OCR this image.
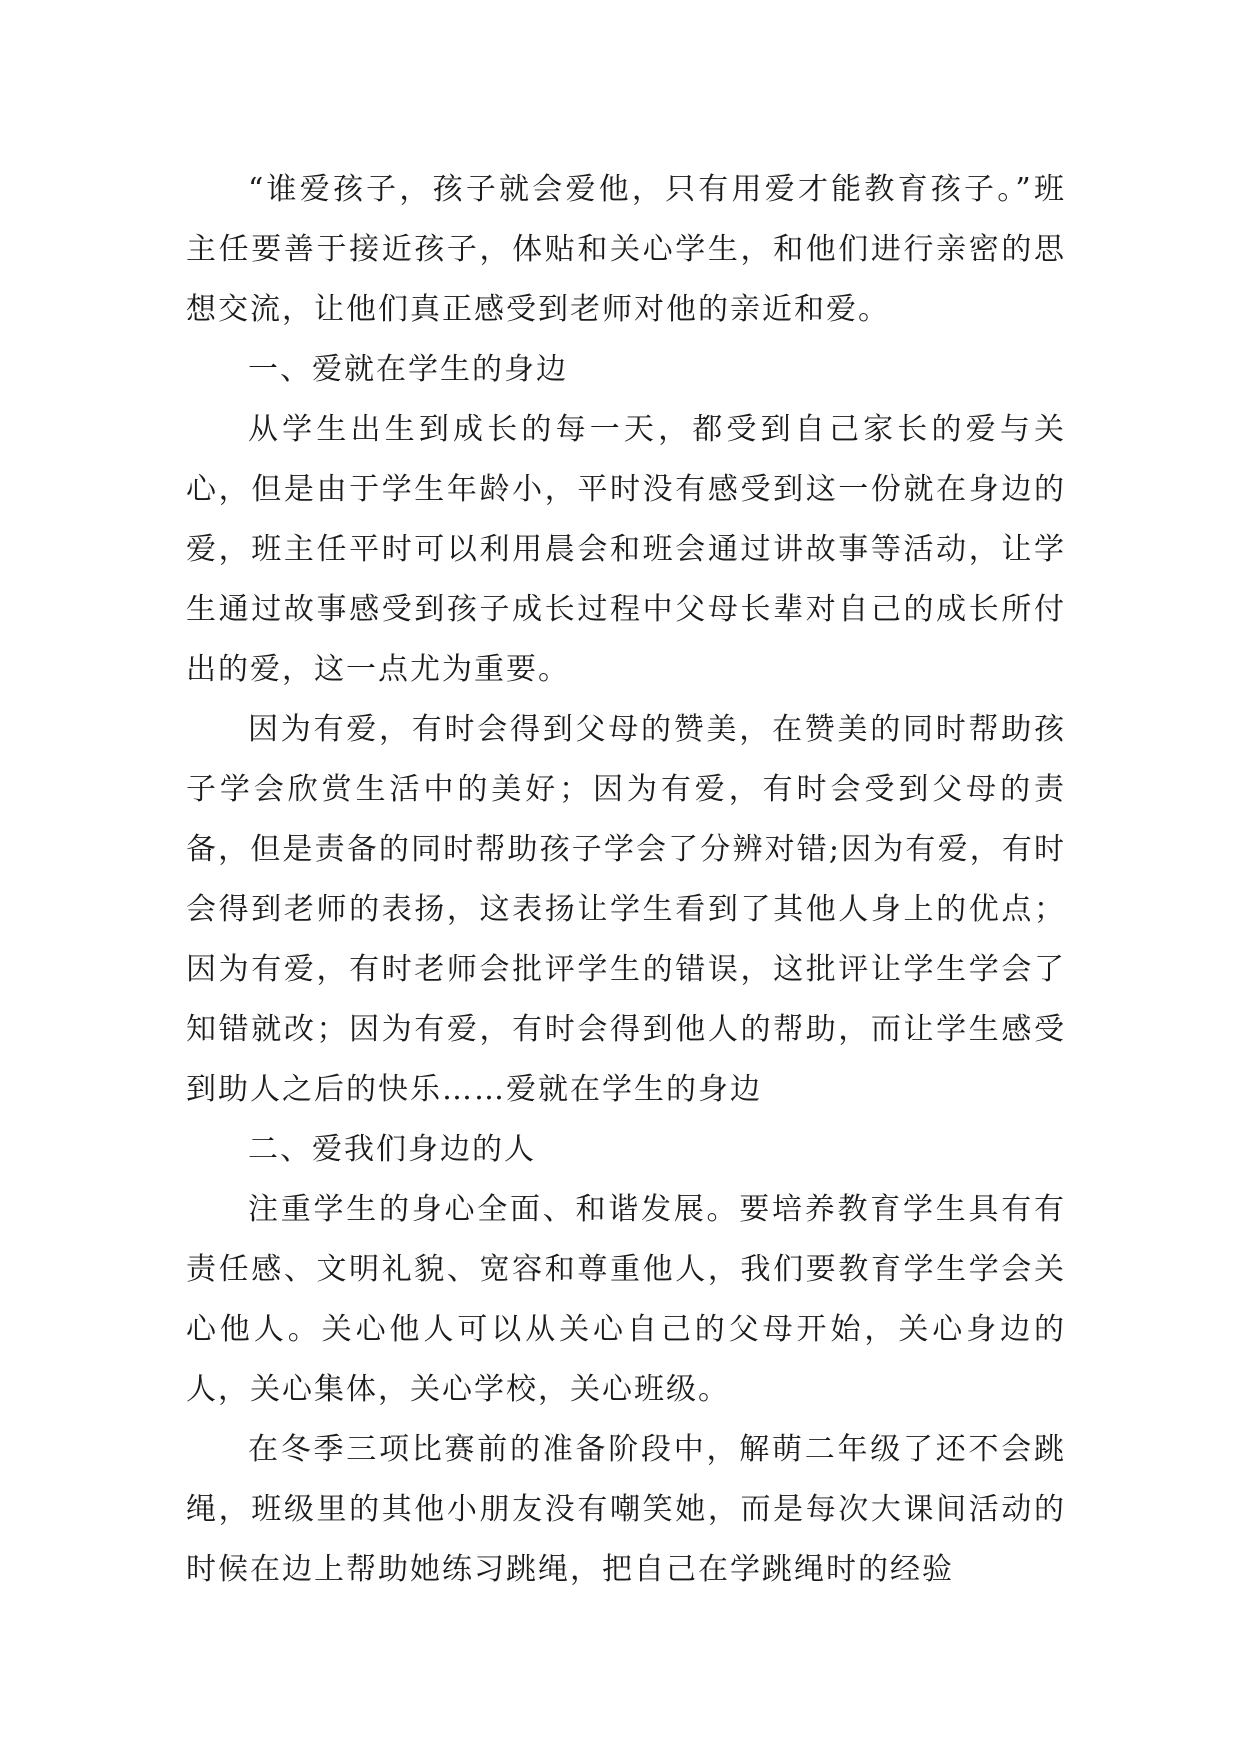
“谁爱孩子，孩子就会爱他，只有用爱才能教育孩子。”班主任要善于接近孩子，体贴和关心学生，和他们进行亲密的思想交流，让他们真正感受到老师对他的亲近和爱。

一、爱就在学生的身边

从学生出生到成长的每一天，都受到自己家长的爱与关心，但是由于学生年龄小，平时没有感受到这一份就在身边的爱，班主任平时可以利用晨会和班会通过讲故事等活动，让学生通过故事感受到孩子成长过程中父母长辈对自己的成长所付出的爱，这一点尤为重要。

因为有爱，有时会得到父母的赞美，在赞美的同时帮助孩子学会欣赏生活中的美好；因为有爱，有时会受到父母的责备，但是责备的同时帮助孩子学会了分辨对错;因为有爱，有时会得到老师的表扬，这表扬让学生看到了其他人身上的优点；因为有爱，有时老师会批评学生的错误，这批评让学生学会了知错就改；因为有爱，有时会得到他人的帮助，而让学生感受到助人之后的快乐……爱就在学生的身边

二、爱我们身边的人

注重学生的身心全面、和谐发展。要培养教育学生具有有责任感、文明礼貌、宽容和尊重他人，我们要教育学生学会关心他人。关心他人可以从关心自己的父母开始，关心身边的人，关心集体，关心学校，关心班级。

在冬季三项比赛前的准备阶段中，解萌二年级了还不会跳绳，班级里的其他小朋友没有嘲笑她，而是每次大课间活动的时候在边上帮助她练习跳绳，把自己在学跳绳时的经验
